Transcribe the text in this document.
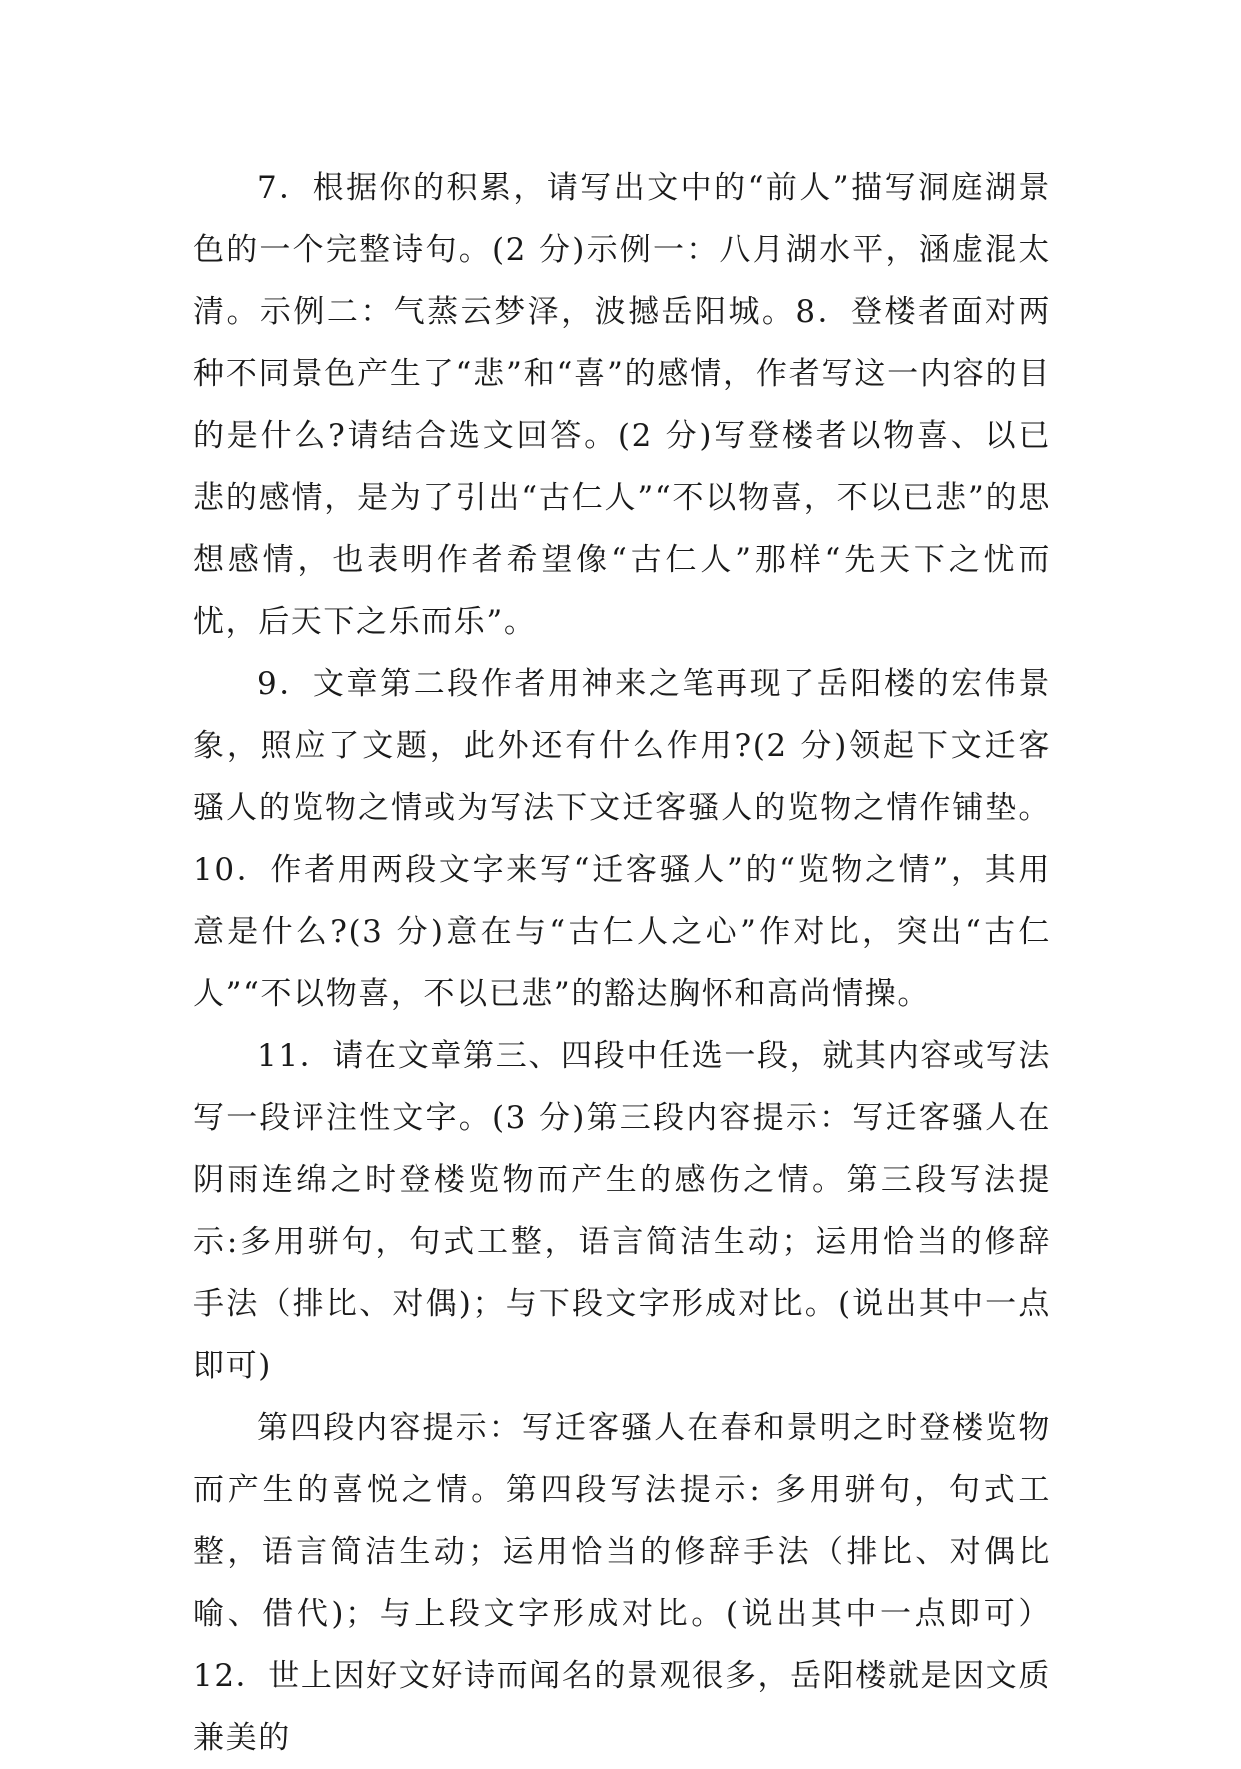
7．根据你的积累，请写出文中的“前人”描写洞庭湖景色的一个完整诗句。(2 分)示例一：八月湖水平，涵虚混太清。示例二：气蒸云梦泽，波撼岳阳城。8．登楼者面对两种不同景色产生了“悲”和“喜”的感情，作者写这一内容的目的是什么?请结合选文回答。(2 分)写登楼者以物喜、以已悲的感情，是为了引出“古仁人”“不以物喜，不以已悲”的思想感情，也表明作者希望像“古仁人”那样“先天下之忧而忧，后天下之乐而乐”。

9．文章第二段作者用神来之笔再现了岳阳楼的宏伟景象，照应了文题，此外还有什么作用?(2 分)领起下文迁客骚人的览物之情或为写法下文迁客骚人的览物之情作铺垫。10．作者用两段文字来写“迁客骚人”的“览物之情”，其用意是什么?(3 分)意在与“古仁人之心”作对比，突出“古仁人”“不以物喜，不以已悲”的豁达胸怀和高尚情操。

11．请在文章第三、四段中任选一段，就其内容或写法写一段评注性文字。(3 分)第三段内容提示：写迁客骚人在阴雨连绵之时登楼览物而产生的感伤之情。第三段写法提示:多用骈句，句式工整，语言简洁生动；运用恰当的修辞手法（排比、对偶)；与下段文字形成对比。(说出其中一点即可)

第四段内容提示：写迁客骚人在春和景明之时登楼览物而产生的喜悦之情。第四段写法提示: 多用骈句，句式工整，语言简洁生动；运用恰当的修辞手法（排比、对偶比喻、借代)；与上段文字形成对比。(说出其中一点即可）12．世上因好文好诗而闻名的景观很多，岳阳楼就是因文质兼美的
